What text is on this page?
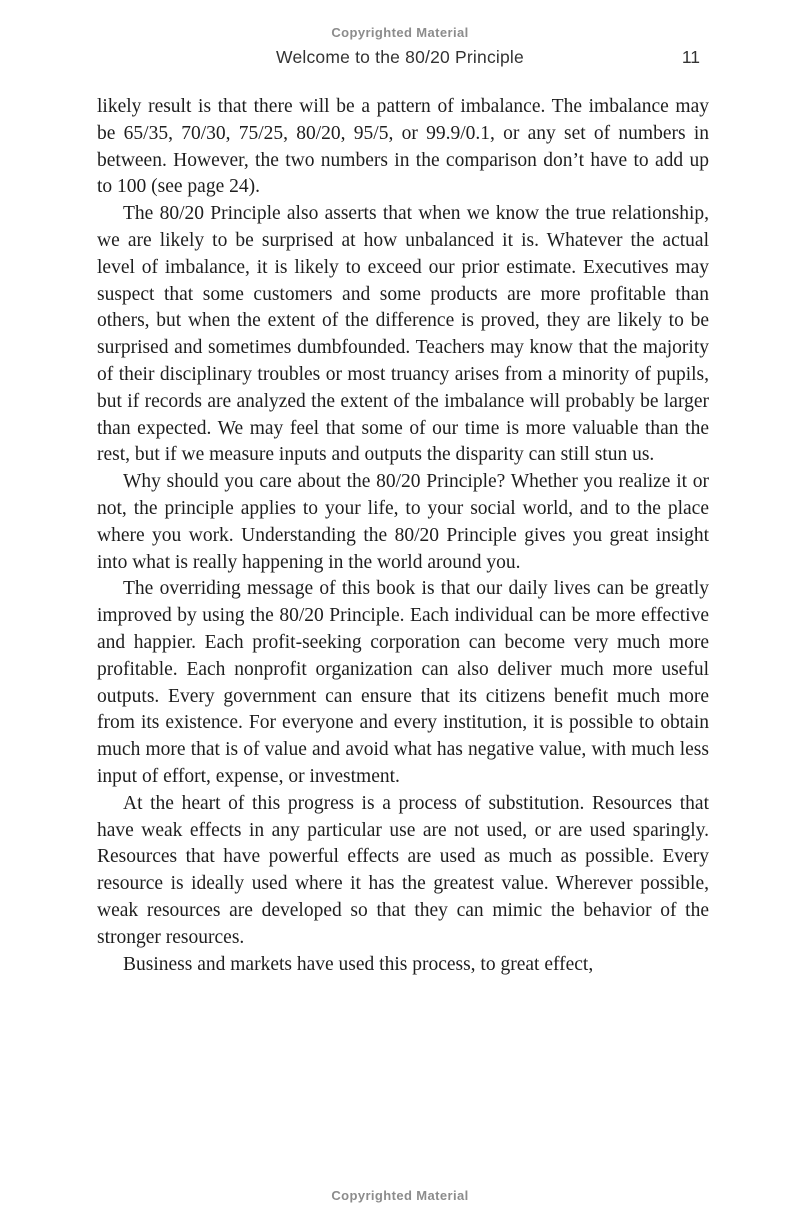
Copyrighted Material
Welcome to the 80/20 Principle	11

likely result is that there will be a pattern of imbalance. The imbalance may be 65/35, 70/30, 75/25, 80/20, 95/5, or 99.9/0.1, or any set of numbers in between. However, the two numbers in the comparison don’t have to add up to 100 (see page 24).

The 80/20 Principle also asserts that when we know the true relationship, we are likely to be surprised at how unbalanced it is. Whatever the actual level of imbalance, it is likely to exceed our prior estimate. Executives may suspect that some customers and some products are more profitable than others, but when the extent of the difference is proved, they are likely to be surprised and sometimes dumbfounded. Teachers may know that the majority of their disciplinary troubles or most truancy arises from a minority of pupils, but if records are analyzed the extent of the imbalance will probably be larger than expected. We may feel that some of our time is more valuable than the rest, but if we measure inputs and outputs the disparity can still stun us.

Why should you care about the 80/20 Principle? Whether you realize it or not, the principle applies to your life, to your social world, and to the place where you work. Understanding the 80/20 Principle gives you great insight into what is really happening in the world around you.

The overriding message of this book is that our daily lives can be greatly improved by using the 80/20 Principle. Each individual can be more effective and happier. Each profit-seeking corporation can become very much more profitable. Each nonprofit organization can also deliver much more useful outputs. Every government can ensure that its citizens benefit much more from its existence. For everyone and every institution, it is possible to obtain much more that is of value and avoid what has negative value, with much less input of effort, expense, or investment.

At the heart of this progress is a process of substitution. Resources that have weak effects in any particular use are not used, or are used sparingly. Resources that have powerful effects are used as much as possible. Every resource is ideally used where it has the greatest value. Wherever possible, weak resources are developed so that they can mimic the behavior of the stronger resources.

Business and markets have used this process, to great effect,

Copyrighted Material
